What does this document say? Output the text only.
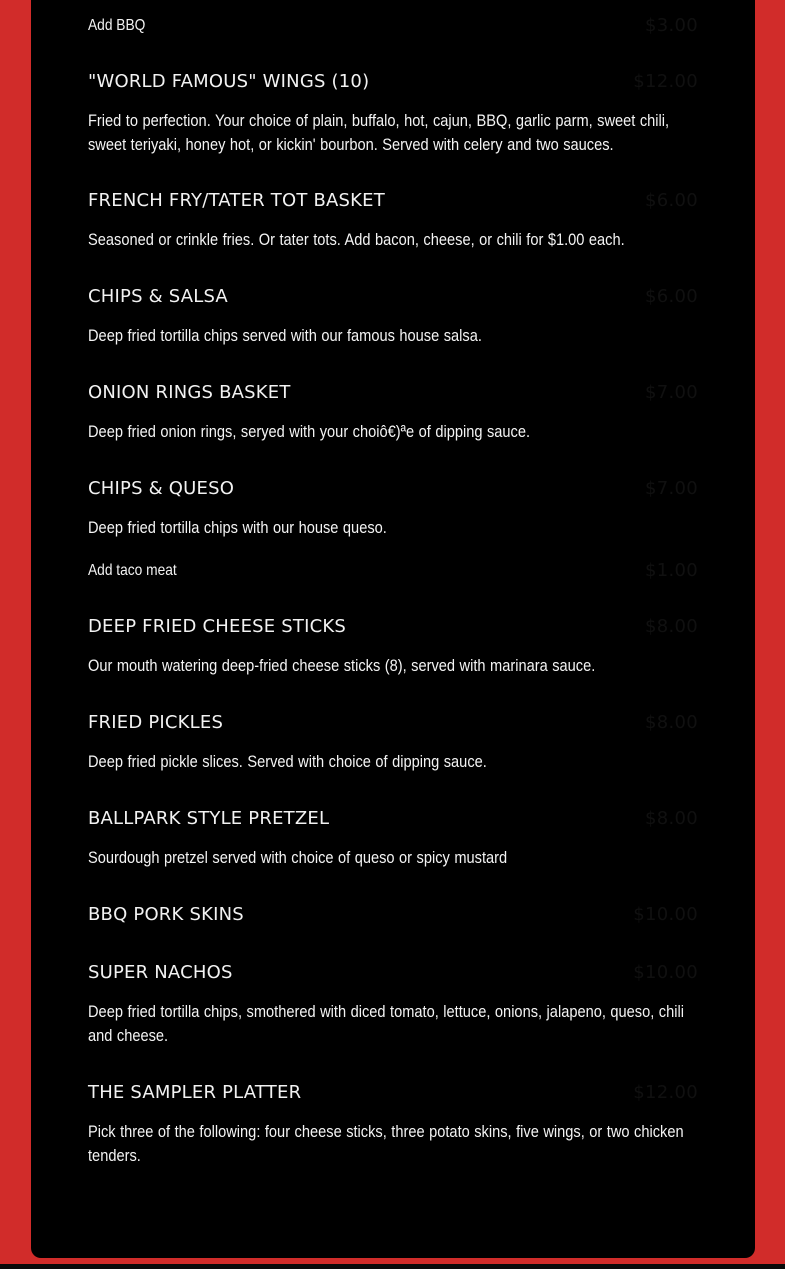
Add BBQ	$3.00
"WORLD FAMOUS" WINGS (10)	$12.00
Fried to perfection. Your choice of plain, buffalo, hot, cajun, BBQ, garlic parm, sweet chili, sweet teriyaki, honey hot, or kickin' bourbon. Served with celery and two sauces.
FRENCH FRY/TATER TOT BASKET	$6.00
Seasoned or crinkle fries. Or tater tots. Add bacon, cheese, or chili for $1.00 each.
CHIPS & SALSA	$6.00
Deep fried tortilla chips served with our famous house salsa.
ONION RINGS BASKET	$7.00
Deep fried onion rings, seryed with your choiô€)ªe of dipping sauce.
CHIPS & QUESO	$7.00
Deep fried tortilla chips with our house queso.
Add taco meat	$1.00
DEEP FRIED CHEESE STICKS	$8.00
Our mouth watering deep-fried cheese sticks (8), served with marinara sauce.
FRIED PICKLES	$8.00
Deep fried pickle slices. Served with choice of dipping sauce.
BALLPARK STYLE PRETZEL	$8.00
Sourdough pretzel served with choice of queso or spicy mustard
BBQ PORK SKINS	$10.00
SUPER NACHOS	$10.00
Deep fried tortilla chips, smothered with diced tomato, lettuce, onions, jalapeno, queso, chili and cheese.
THE SAMPLER PLATTER	$12.00
Pick three of the following: four cheese sticks, three potato skins, five wings, or two chicken tenders.
